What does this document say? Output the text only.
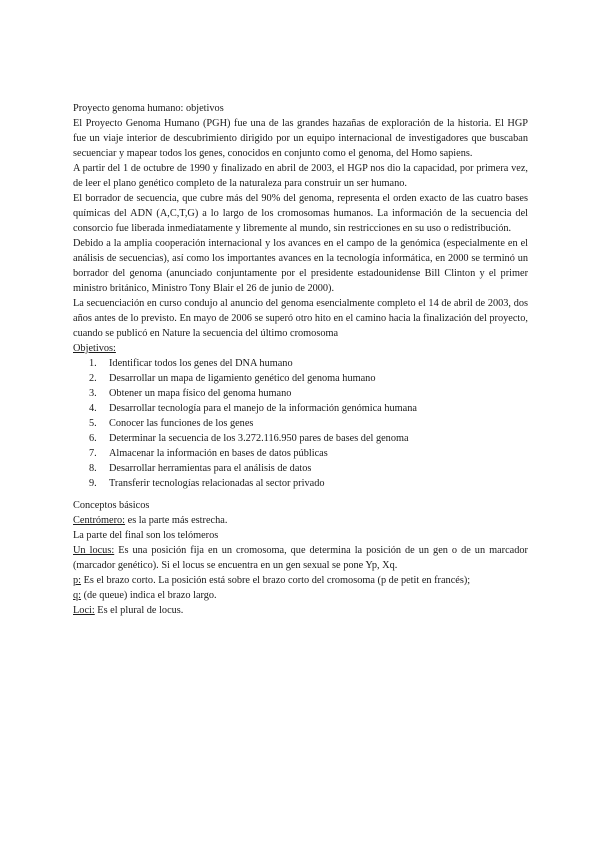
Proyecto genoma humano: objetivos

El Proyecto Genoma Humano (PGH) fue una de las grandes hazañas de exploración de la historia. El HGP fue un viaje interior de descubrimiento dirigido por un equipo internacional de investigadores que buscaban secuenciar y mapear todos los genes, conocidos en conjunto como el genoma, del Homo sapiens.

A partir del 1 de octubre de 1990 y finalizado en abril de 2003, el HGP nos dio la capacidad, por primera vez, de leer el plano genético completo de la naturaleza para construir un ser humano.

El borrador de secuencia, que cubre más del 90% del genoma, representa el orden exacto de las cuatro bases químicas del ADN (A,C,T,G) a lo largo de los cromosomas humanos. La información de la secuencia del consorcio fue liberada inmediatamente y libremente al mundo, sin restricciones en su uso o redistribución.

Debido a la amplia cooperación internacional y los avances en el campo de la genómica (especialmente en el análisis de secuencias), así como los importantes avances en la tecnología informática, en 2000 se terminó un borrador del genoma (anunciado conjuntamente por el presidente estadounidense Bill Clinton y el primer ministro británico, Ministro Tony Blair el 26 de junio de 2000).

La secuenciación en curso condujo al anuncio del genoma esencialmente completo el 14 de abril de 2003, dos años antes de lo previsto. En mayo de 2006 se superó otro hito en el camino hacia la finalización del proyecto, cuando se publicó en Nature la secuencia del último cromosoma

Objetivos:

1.	Identificar todos los genes del DNA humano
2.	Desarrollar un mapa de ligamiento genético del genoma humano
3.	Obtener un mapa físico del genoma humano
4.	Desarrollar tecnología para el manejo de la información genómica humana
5.	Conocer las funciones de los genes
6.	Determinar la secuencia de los 3.272.116.950 pares de bases del genoma
7.	Almacenar la información en bases de datos públicas
8.	Desarrollar herramientas para el análisis de datos
9.	Transferir tecnologías relacionadas al sector privado

Conceptos básicos

Centrómero: es la parte más estrecha.

La parte del final son los telómeros

Un locus: Es una posición fija en un cromosoma, que determina la posición de un gen o de un marcador (marcador genético). Si el locus se encuentra en un gen sexual se pone Yp, Xq.

p: Es el brazo corto. La posición está sobre el brazo corto del cromosoma (p de petit en francés);

q: (de queue) indica el brazo largo.

Loci: Es el plural de locus.
